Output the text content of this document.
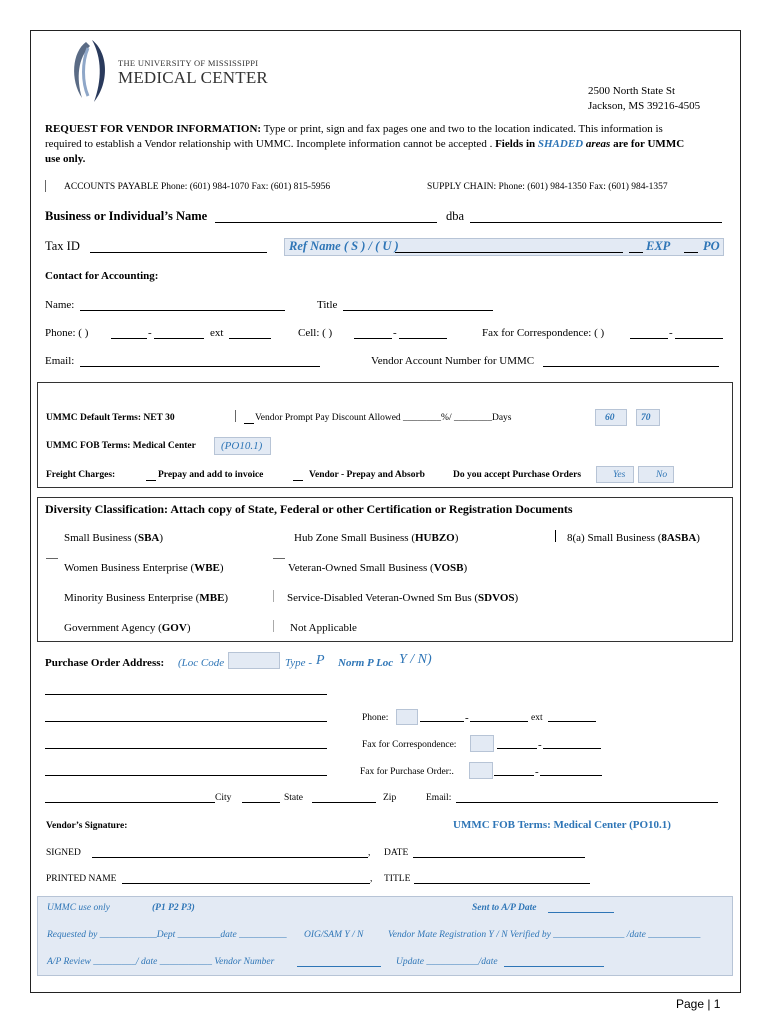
THE UNIVERSITY OF MISSISSIPPI
MEDICAL CENTER
2500 North State St
Jackson, MS 39216-4505
REQUEST FOR VENDOR INFORMATION: Type or print, sign and fax pages one and two to the location indicated. This information is
required to establish a Vendor relationship with UMMC. Incomplete information cannot be accepted . Fields in SHADED areas are for UMMC
use only.
ACCOUNTS PAYABLE Phone: (601) 984-1070 Fax: (601) 815-5956	SUPPLY CHAIN: Phone: (601) 984-1350 Fax: (601) 984-1357
Business or Individual’s Name	dba
Tax ID	Ref Name ( S ) / ( U )	EXP	PO
Contact for Accounting:
Name:	Title
Phone: ( )	-	ext	Cell: ( )	-	Fax for Correspondence: ( )	-
Email:	Vendor Account Number for UMMC
UMMC Default Terms: NET 30	Vendor Prompt Pay Discount Allowed ________%/ ________Days	60	70
UMMC FOB Terms: Medical Center (PO10.1)
Freight Charges:	Prepay and add to invoice	Vendor - Prepay and Absorb	Do you accept Purchase Orders	Yes	No
Diversity Classification: Attach copy of State, Federal or other Certification or Registration Documents
Small Business (SBA)	Hub Zone Small Business (HUBZO)	8(a) Small Business (8ASBA)
Women Business Enterprise (WBE)	Veteran-Owned Small Business (VOSB)
Minority Business Enterprise (MBE)	Service-Disabled Veteran-Owned Sm Bus (SDVOS)
Government Agency (GOV)	Not Applicable
Purchase Order Address: (Loc Code	Type - P Norm P Loc Y / N)
Phone:	-	ext
Fax for Correspondence:	-
Fax for Purchase Order:.	-
City	State	Zip	Email:
Vendor’s Signature:	UMMC FOB Terms: Medical Center (PO10.1)
SIGNED	, DATE
PRINTED NAME	, TITLE
UMMC use only	(P1 P2 P3)	Sent to A/P Date
Requested by ____________Dept _________date __________ OIG/SAM Y / N	Vendor Mate Registration Y / N Verified by _______________ /date ___________
A/P Review _________/ date ___________ Vendor Number	Update ___________/date
Page | 1
